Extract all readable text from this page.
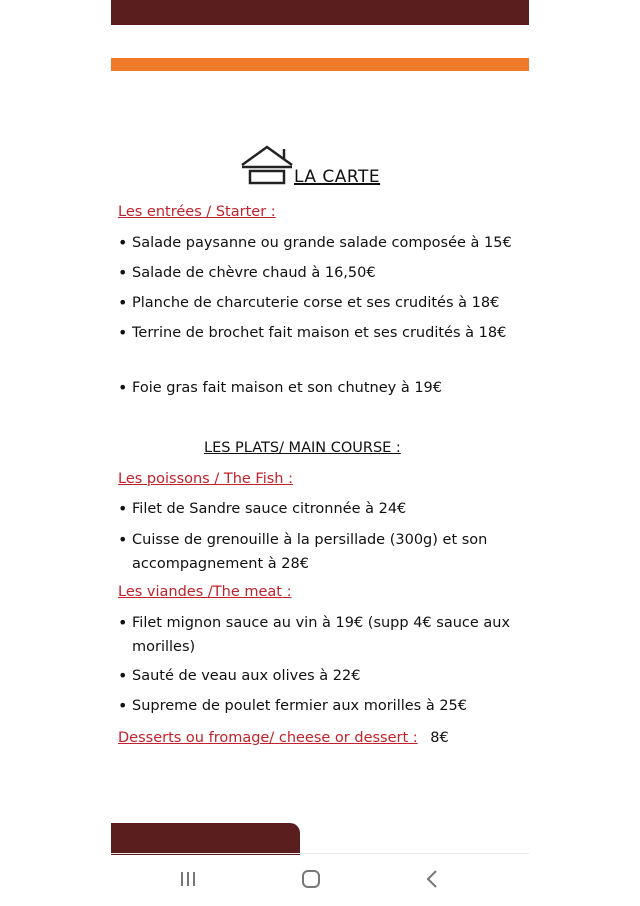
LA CARTE
Les entrées / Starter :
• Salade paysanne ou grande salade composée à 15€
• Salade de chèvre chaud à 16,50€
• Planche de charcuterie corse et ses crudités à 18€
• Terrine de brochet fait maison et ses crudités à 18€
• Foie gras fait maison et son chutney à 19€
LES PLATS/ MAIN COURSE :
Les poissons / The Fish :
• Filet de Sandre sauce citronnée à 24€
• Cuisse de grenouille à la persillade (300g) et son accompagnement à 28€
Les viandes /The meat :
• Filet mignon sauce au vin à 19€ (supp 4€ sauce aux morilles)
• Sauté de veau aux olives à 22€
• Supreme de poulet fermier aux morilles à 25€
Desserts ou fromage/ cheese or dessert : 8€
